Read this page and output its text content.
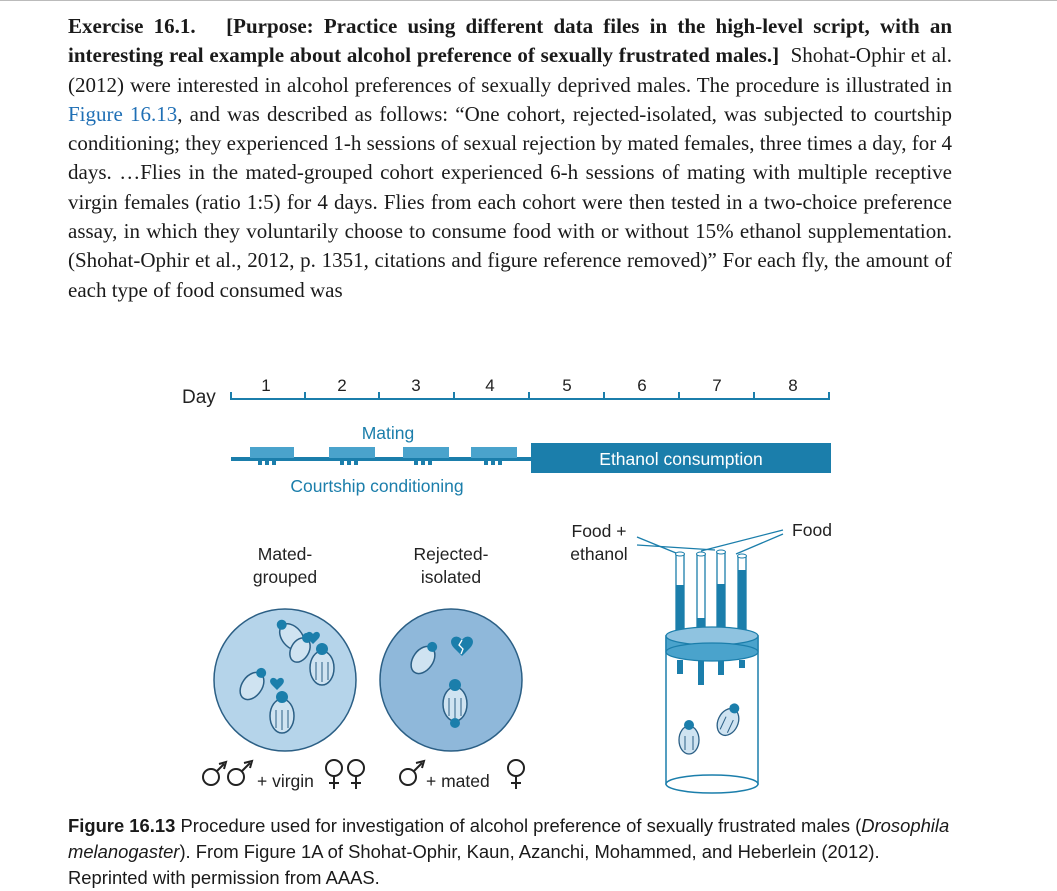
Exercise 16.1. [Purpose: Practice using different data files in the high-level script, with an interesting real example about alcohol preference of sexually frustrated males.] Shohat-Ophir et al. (2012) were interested in alcohol preferences of sexually deprived males. The procedure is illustrated in Figure 16.13, and was described as follows: “One cohort, rejected-isolated, was subjected to courtship conditioning; they experienced 1-h sessions of sexual rejection by mated females, three times a day, for 4 days. …Flies in the mated-grouped cohort experienced 6-h sessions of mating with multiple receptive virgin females (ratio 1:5) for 4 days. Flies from each cohort were then tested in a two-choice preference assay, in which they voluntarily choose to consume food with or without 15% ethanol supplementation. (Shohat-Ophir et al., 2012, p. 1351, citations and figure reference removed)” For each fly, the amount of each type of food consumed was
Day
1	2	3	4	5	6	7	8
Mating
Ethanol consumption
Courtship conditioning
Mated-
grouped
Rejected-
isolated
+ virgin	+ mated
Food +
ethanol
Food
Figure 16.13 Procedure used for investigation of alcohol preference of sexually frustrated males (Drosophila melanogaster). From Figure 1A of Shohat-Ophir, Kaun, Azanchi, Mohammed, and Heberlein (2012). Reprinted with permission from AAAS.
